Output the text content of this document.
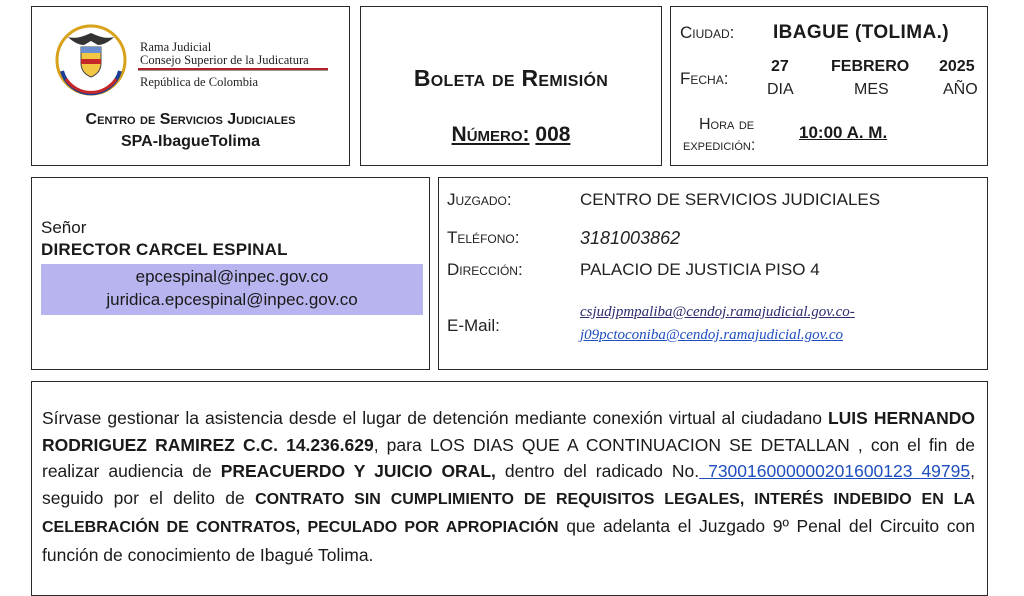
Rama Judicial
Consejo Superior de la Judicatura
República de Colombia
Centro de Servicios Judiciales
SPA-IbagueTolima
Boleta de Remisión
Número: 008
Ciudad: IBAGUE (TOLIMA.)
Fecha:
27	FEBRERO 2025
DIA	MES	AÑO
Hora de
expedición:
10:00 A. M.
Señor
DIRECTOR CARCEL ESPINAL
epcespinal@inpec.gov.co
juridica.epcespinal@inpec.gov.co
Juzgado:	CENTRO DE SERVICIOS JUDICIALES
Teléfono:	3181003862
Dirección:	PALACIO DE JUSTICIA PISO 4
E-Mail:
csjudjpmpaliba@cendoj.ramajudicial.gov.co-
j09pctoconiba@cendoj.ramajudicial.gov.co
Sírvase gestionar la asistencia desde el lugar de detención mediante conexión virtual al ciudadano LUIS HERNANDO RODRIGUEZ RAMIREZ C.C. 14.236.629, para LOS DIAS QUE A CONTINUACION SE DETALLAN , con el fin de realizar audiencia de PREACUERDO Y JUICIO ORAL, dentro del radicado No. 730016000000201600123 49795, seguido por el delito de CONTRATO SIN CUMPLIMIENTO DE REQUISITOS LEGALES, INTERÉS INDEBIDO EN LA CELEBRACIÓN DE CONTRATOS, PECULADO POR APROPIACIÓN que adelanta el Juzgado 9º Penal del Circuito con función de conocimiento de Ibagué Tolima.
